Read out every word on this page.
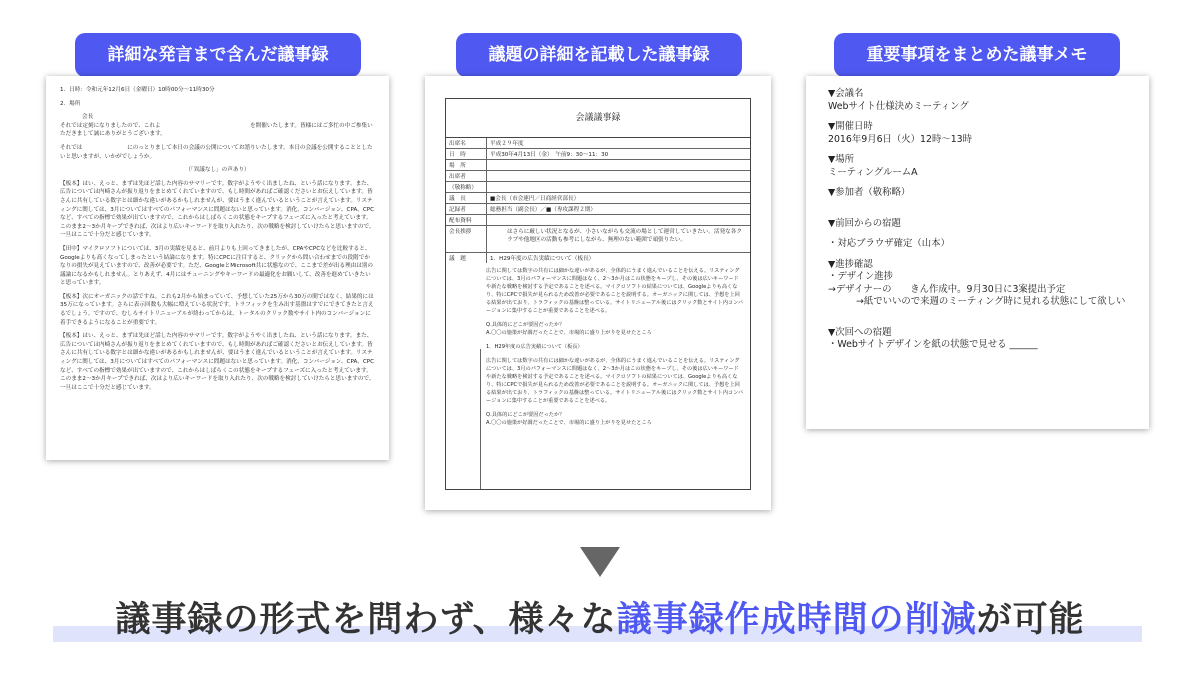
詳細な発言まで含んだ議事録	議題の詳細を記載した議事録	重要事項をまとめた議事メモ

1．日時：令和元年12月6日（金曜日）10時00分〜11時30分

2．場所

会長

それでは定刻になりましたので、これよ　　　　　　　　　　　　　　　　を開催いたします。皆様にはご多忙の中ご参集いただきまして誠にありがとうございます。

それでは　　　　　　　　にのっとりまして本日の会議の公開についてお諮りいたします。本日の会議を公開することとしたいと思いますが、いかがでしょうか。

（「異議なし」の声あり）

【板本】はい、えっと、まずは先ほど話した内容のサマリーです。数字がようやく出ましたね、という話になります。また、広告については内崎さんが振り返りをまとめてくれていますので、もし時間があればご確認くださいとお伝えしています。皆さんに共有している数字とは細かな違いがあるかもしれませんが、要はうまく進んでいるということが言えています。リスティングに関しては、3月についてはすべてのパフォーマンスに問題はないと思っています。消化、コンバージョン、CPA、CPCなど、すべての指標で効果が出ていますので、これからはしばらくこの状態をキープするフェーズに入ったと考えています。このまま2〜3か月キープできれば、次はより広いキーワードを取り入れたり、次の戦略を検討していけたらと思いますので、一旦はここで十分だと感じています。

【田中】マイクロソフトについては、3月の実績を見ると、前月よりも上回ってきましたが、CPAやCPCなどを比較すると、Googleよりも高くなってしまったという結論になります。特にCPCに注目すると、クリックから問い合わせまでの段階でかなりの損失が見えていますので、改善が必要です。ただ、GoogleとMicrosoft共に状態なので、ここまで差が出る理由は別の議論になるかもしれません。とりあえず、4月にはチューニングやキーワードの最適化をお願いして、改善を進めていきたいと思っています。

【板本】次にオーガニックの話ですね。これも2月から始まっていて、予想していた25万から30万の間ではなく、結果的には35万になっています。さらに表示回数も大幅に増えている状況です。トラフィックを生み出す基盤はすでにできてきたと言えるでしょう。ですので、むしろサイトリニューアルが終わってからは、トータルのクリック数やサイト内のコンバージョンに着手できるようになることが重要です。

【板本】はい、えっと、まずは先ほど話した内容のサマリーです。数字がようやく出ましたね、という話になります。また、広告については内崎さんが振り返りをまとめてくれていますので、もし時間があればご確認くださいとお伝えしています。皆さんに共有している数字とは細かな違いがあるかもしれませんが、要はうまく進んでいるということが言えています。リスティングに関しては、3月についてはすべてのパフォーマンスに問題はないと思っています。消化、コンバージョン、CPA、CPCなど、すべての指標で効果が出ていますので、これからはしばらくこの状態をキープするフェーズに入ったと考えています。このまま2〜3か月キープできれば、次はより広いキーワードを取り入れたり、次の戦略を検討していけたらと思いますので、一旦はここで十分だと感じています。

会議議事録
出席名	平成２９年度
日　時	平成30年4月13日（金）　午前9：30〜11：30
場　所	
出席者	
（敬称略）	
議　長	■会長（市会連円／日商経営部長）
記録者	総務担当（副会長）／■（専攻課程２期）
配布資料	
会長挨拶	はさらに厳しい状況となるが、小さいながらも交流の場として運営していきたい。活発な各クラブや他地区の活動も参考にしながら、無理のない範囲で頑張りたい。
議　題	1．H29年度の広告実績について（板長）

広告に関しては数字の共有には細かな違いがあるが、全体的にうまく進んでいることを伝える。リスティングについては、3月のパフォーマンスに問題はなく、2〜3か月はこの状態をキープし、その後は広いキーワードや新たな戦略を検討する予定であることを述べる。マイクロソフトの結果については、Googleよりも高くなり、特にCPCで損失が見られるため改善が必要であることを説明する。オーガニックに関しては、予想を上回る結果が出ており、トラフィックの基盤は整っている。サイトリニューアル後にはクリック数とサイト内コンバージョンに集中することが重要であることを述べる。

Q.具体的にどこが要因だったか？
A.〇〇の施策が好調だったことで、市場的に盛り上がりを見せたところ

1．H29年度の広告実績について（板長）

広告に関しては数字の共有には細かな違いがあるが、全体的にうまく進んでいることを伝える。リスティングについては、3月のパフォーマンスに問題はなく、2〜3か月はこの状態をキープし、その後は広いキーワードや新たな戦略を検討する予定であることを述べる。マイクロソフトの結果については、Googleよりも高くなり、特にCPCで損失が見られるため改善が必要であることを説明する。オーガニックに関しては、予想を上回る結果が出ており、トラフィックの基盤は整っている。サイトリニューアル後にはクリック数とサイト内コンバージョンに集中することが重要であることを述べる。

Q.具体的にどこが要因だったか？
A.〇〇の施策が好調だったことで、市場的に盛り上がりを見せたところ

▼会議名
Webサイト仕様決めミーティング
▼開催日時
2016年9月6日（火）12時〜13時
▼場所
ミーティングルームA
▼参加者（敬称略）
▼前回からの宿題
・対応ブラウザ確定（山本）
▼進捗確認
・デザイン進捗
→デザイナーの　　きん作成中。9月30日に3案提出予定
→紙でいいので来週のミーティング時に見れる状態にして欲しい
▼次回への宿題
・Webサイトデザインを紙の状態で見せる ______
議事録の形式を問わず、様々な議事録作成時間の削減が可能
